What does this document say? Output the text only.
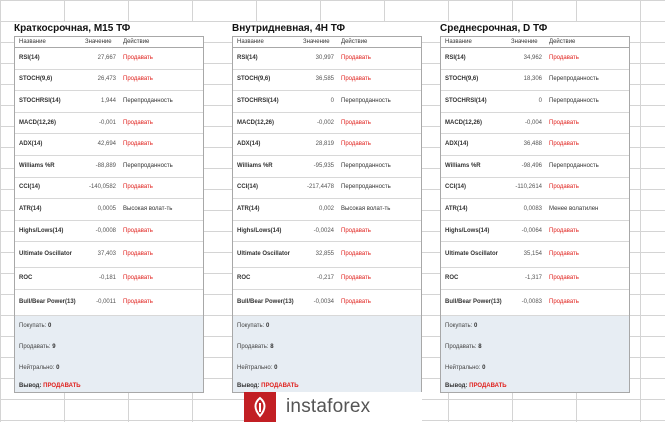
Краткосрочная, M15 ТФ
Название	Значение	Действие
RSI(14)	27,667	Продавать
STOCH(9,6)	26,473	Продавать
STOCHRSI(14)	1,944	Перепроданность
MACD(12,26)	-0,001	Продавать
ADX(14)	42,694	Продавать
Williams %R	-88,889	Перепроданность
CCI(14)	-140,0582	Продавать
ATR(14)	0,0005	Высокая волат-ть
Highs/Lows(14)	-0,0008	Продавать
Ultimate Oscillator	37,403	Продавать
ROC	-0,181	Продавать
Bull/Bear Power(13)	-0,0011	Продавать
Покупать: 0
Продавать: 9
Нейтрально: 0
Вывод: ПРОДАВАТЬ
Внутридневная, 4H ТФ
Название	Значение	Действие
RSI(14)	30,997	Продавать
STOCH(9,6)	36,585	Продавать
STOCHRSI(14)	0	Перепроданность
MACD(12,26)	-0,002	Продавать
ADX(14)	28,819	Продавать
Williams %R	-95,935	Перепроданность
CCI(14)	-217,4478	Перепроданность
ATR(14)	0,002	Высокая волат-ть
Highs/Lows(14)	-0,0024	Продавать
Ultimate Oscillator	32,855	Продавать
ROC	-0,217	Продавать
Bull/Bear Power(13)	-0,0034	Продавать
Покупать: 0
Продавать: 8
Нейтрально: 0
Вывод: ПРОДАВАТЬ
Среднесрочная, D ТФ
Название	Значение	Действие
RSI(14)	34,962	Продавать
STOCH(9,6)	18,306	Перепроданность
STOCHRSI(14)	0	Перепроданность
MACD(12,26)	-0,004	Продавать
ADX(14)	36,488	Продавать
Williams %R	-98,496	Перепроданность
CCI(14)	-110,2614	Продавать
ATR(14)	0,0083	Менее волатилен
Highs/Lows(14)	-0,0064	Продавать
Ultimate Oscillator	35,154	Продавать
ROC	-1,317	Продавать
Bull/Bear Power(13)	-0,0083	Продавать
Покупать: 0
Продавать: 8
Нейтрально: 0
Вывод: ПРОДАВАТЬ
instaforex
